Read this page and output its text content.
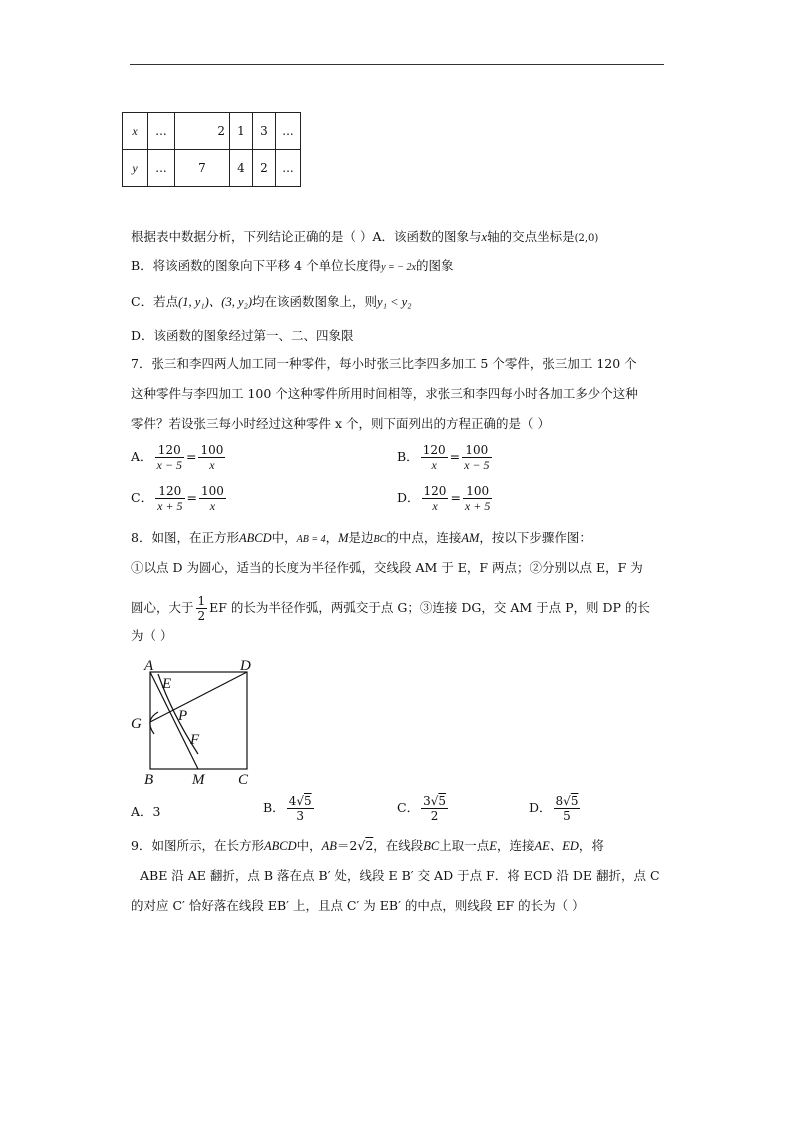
x	...	2	1	3	...
y	...	7	4	2	...
根据表中数据分析，下列结论正确的是（ ）A．该函数的图象与x轴的交点坐标是(2,0)
B．将该函数的图象向下平移 4 个单位长度得y = − 2x的图象
C．若点(1, y₁)、(3, y₂)均在该函数图象上，则y₁ < y₂
D．该函数的图象经过第一、二、四象限
7．张三和李四两人加工同一种零件，每小时张三比李四多加工 5 个零件，张三加工 120 个
这种零件与李四加工 100 个这种零件所用时间相等，求张三和李四每小时各加工多少个这种
零件？若设张三每小时经过这种零件 x 个，则下面列出的方程正确的是（ ）
A． $\frac{120}{x - 5} = \frac{100}{x}$	B． $\frac{120}{x} = \frac{100}{x - 5}$
C． $\frac{120}{x + 5} = \frac{100}{x}$	D． $\frac{120}{x} = \frac{100}{x + 5}$
8．如图，在正方形ABCD中，AB = 4，M是边BC的中点，连接AM，按以下步骤作图：
①以点 D 为圆心，适当的长度为半径作弧，交线段 AM 于 E，F 两点；②分别以点 E，F 为
圆心，大于 $\frac{1}{2}$ EF 的长为半径作弧，两弧交于点 G；③连接 DG，交 AM 于点 P，则 DP 的长
为（ ）
A	D
E
P
G
F
B	M C
A．3	B． $\frac{4√5}{3}$	C． $\frac{3√5}{2}$	D． $\frac{8√5}{5}$
9．如图所示，在长方形ABCD中，AB＝2√2，在线段BC上取一点E，连接AE、ED，将
ABE 沿 AE 翻折，点 B 落在点 B′ 处，线段 E B′ 交 AD 于点 F．将 ECD 沿 DE 翻折，点 C
的对应 C′ 恰好落在线段 EB′ 上，且点 C′ 为 EB′ 的中点，则线段 EF 的长为（ ）
